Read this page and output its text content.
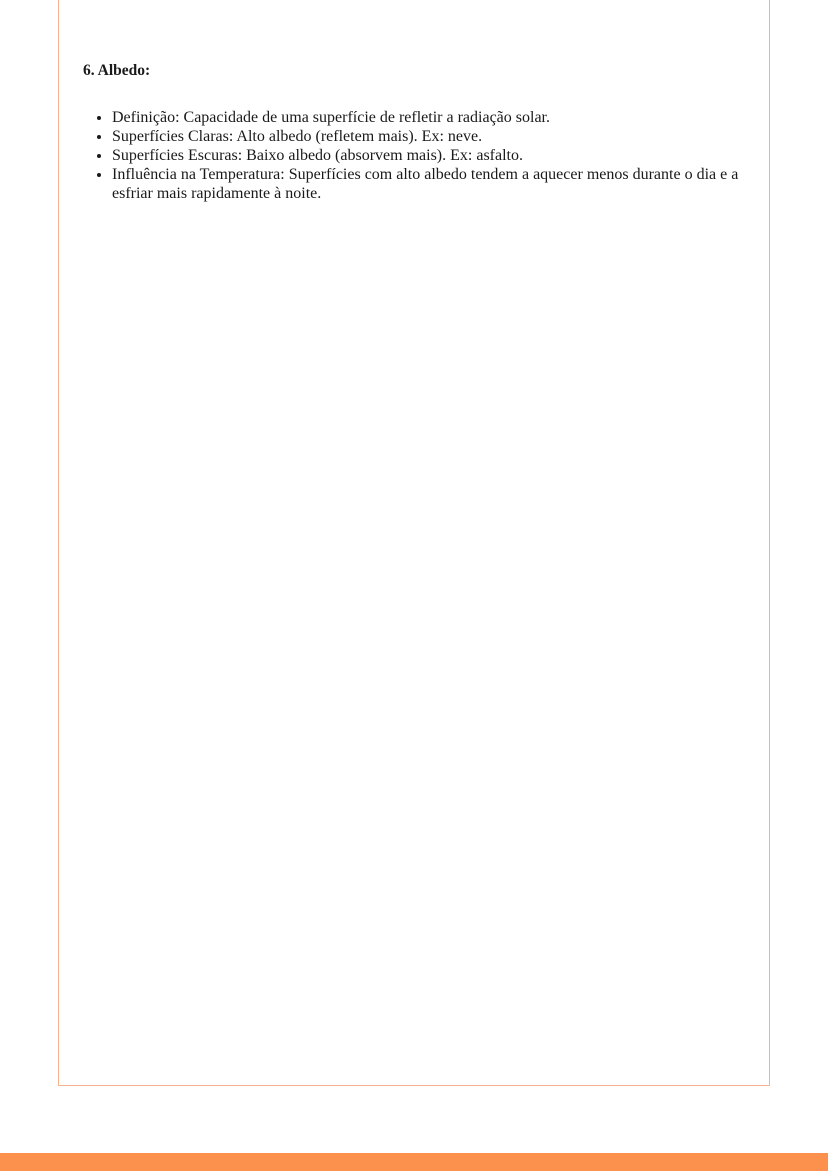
6. Albedo:
• Definição: Capacidade de uma superfície de refletir a radiação solar.
• Superfícies Claras: Alto albedo (refletem mais). Ex: neve.
• Superfícies Escuras: Baixo albedo (absorvem mais). Ex: asfalto.
• Influência na Temperatura: Superfícies com alto albedo tendem a aquecer menos durante o dia e a esfriar mais rapidamente à noite.
